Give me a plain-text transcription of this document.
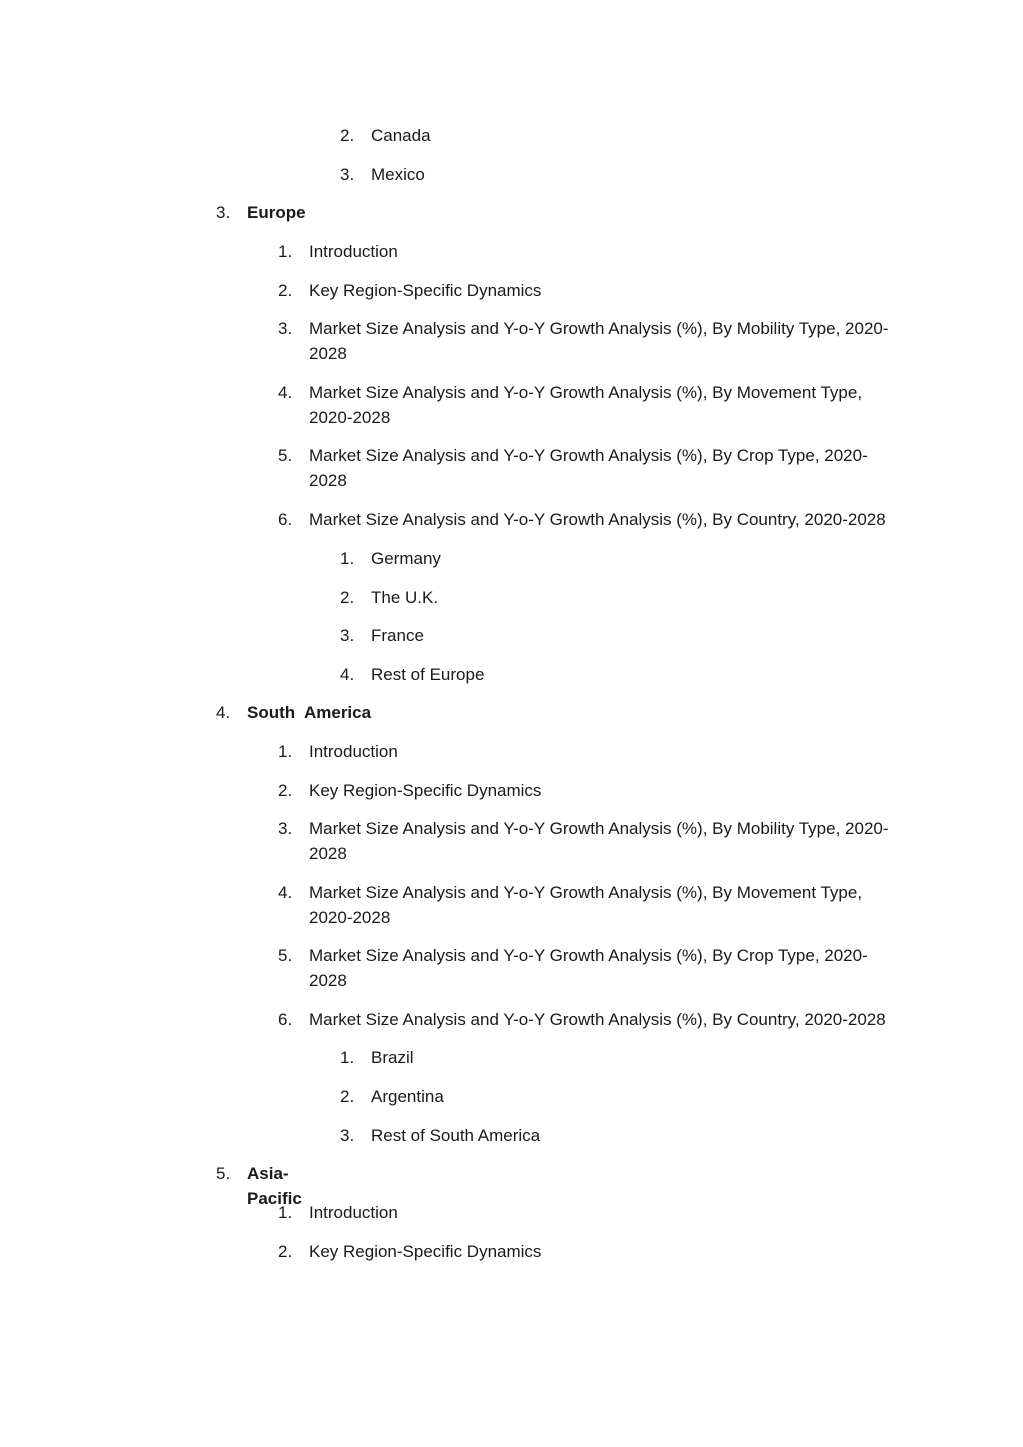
2. Canada
3. Mexico
3. Europe
1. Introduction
2. Key Region-Specific Dynamics
3. Market Size Analysis and Y-o-Y Growth Analysis (%), By Mobility Type, 2020-2028
4. Market Size Analysis and Y-o-Y Growth Analysis (%), By Movement Type, 2020-2028
5. Market Size Analysis and Y-o-Y Growth Analysis (%), By Crop Type, 2020-2028
6. Market Size Analysis and Y-o-Y Growth Analysis (%), By Country, 2020-2028
1. Germany
2. The U.K.
3. France
4. Rest of Europe
4. South  America
1. Introduction
2. Key Region-Specific Dynamics
3. Market Size Analysis and Y-o-Y Growth Analysis (%), By Mobility Type, 2020-2028
4. Market Size Analysis and Y-o-Y Growth Analysis (%), By Movement Type, 2020-2028
5. Market Size Analysis and Y-o-Y Growth Analysis (%), By Crop Type, 2020-2028
6. Market Size Analysis and Y-o-Y Growth Analysis (%), By Country, 2020-2028
1. Brazil
2. Argentina
3. Rest of South America
5. Asia-Pacific
1. Introduction
2. Key Region-Specific Dynamics
